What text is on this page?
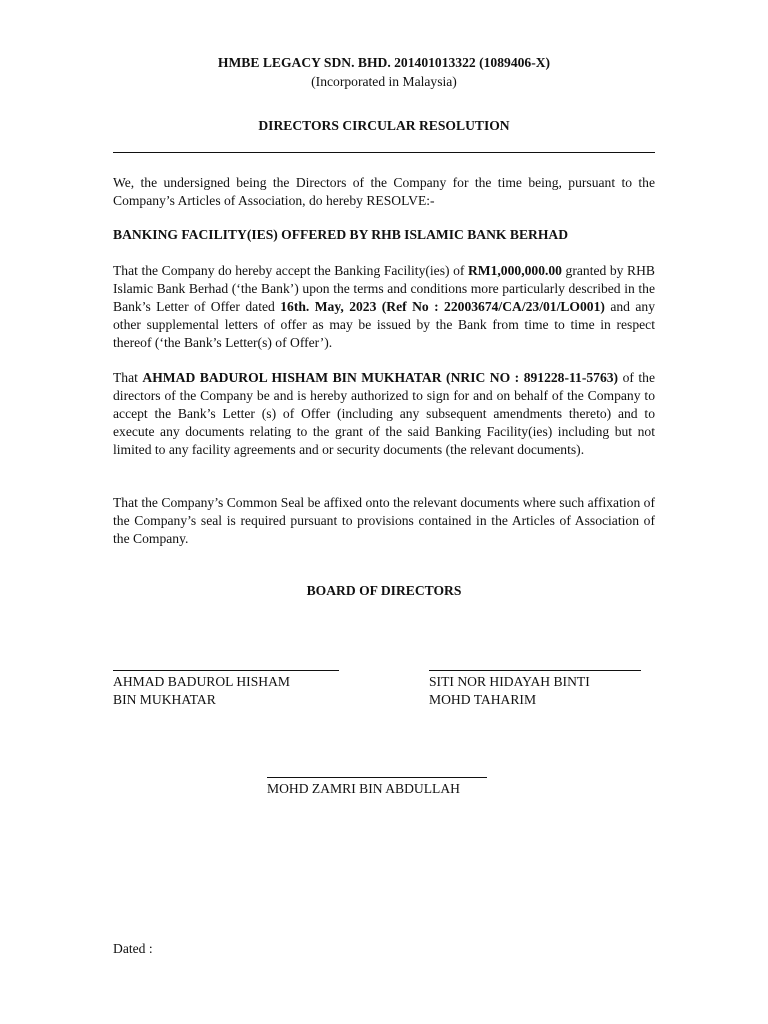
HMBE LEGACY SDN. BHD. 201401013322 (1089406-X)
(Incorporated in Malaysia)
DIRECTORS CIRCULAR RESOLUTION
We, the undersigned being the Directors of the Company for the time being, pursuant to the Company’s Articles of Association, do hereby RESOLVE:-
BANKING FACILITY(IES) OFFERED BY RHB ISLAMIC BANK BERHAD
That the Company do hereby accept the Banking Facility(ies) of RM1,000,000.00 granted by RHB Islamic Bank Berhad (‘the Bank’) upon the terms and conditions more particularly described in the Bank’s Letter of Offer dated 16th. May, 2023 (Ref No : 22003674/CA/23/01/LO001) and any other supplemental letters of offer as may be issued by the Bank from time to time in respect thereof (‘the Bank’s Letter(s) of Offer’).
That AHMAD BADUROL HISHAM BIN MUKHATAR (NRIC NO : 891228-11-5763) of the directors of the Company be and is hereby authorized to sign for and on behalf of the Company to accept the Bank’s Letter (s) of Offer (including any subsequent amendments thereto) and to execute any documents relating to the grant of the said Banking Facility(ies) including but not limited to any facility agreements and or security documents (the relevant documents).
That the Company’s Common Seal be affixed onto the relevant documents where such affixation of the Company’s seal is required pursuant to provisions contained in the Articles of Association of the Company.
BOARD OF DIRECTORS
AHMAD BADUROL HISHAM
BIN MUKHATAR
SITI NOR HIDAYAH BINTI
MOHD TAHARIM
MOHD ZAMRI BIN ABDULLAH
Dated :
